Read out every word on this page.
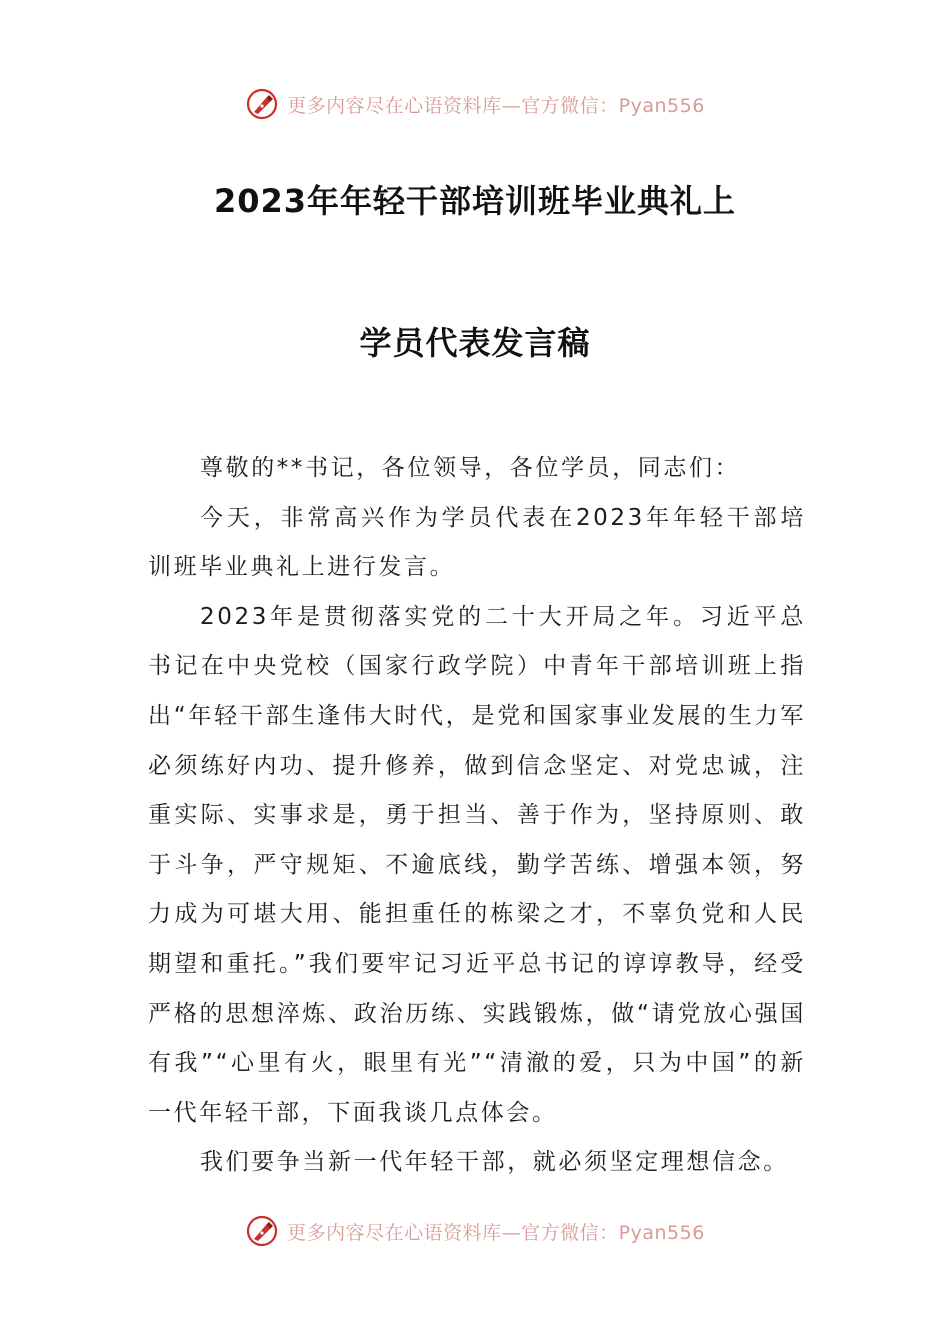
更多内容尽在心语资料库—官方微信：Pyan556
2023年年轻干部培训班毕业典礼上
学员代表发言稿

尊敬的**书记，各位领导，各位学员，同志们：

今天，非常高兴作为学员代表在2023年年轻干部培训班毕业典礼上进行发言。

2023年是贯彻落实党的二十大开局之年。习近平总书记在中央党校（国家行政学院）中青年干部培训班上指出“年轻干部生逢伟大时代，是党和国家事业发展的生力军必须练好内功、提升修养，做到信念坚定、对党忠诚，注重实际、实事求是，勇于担当、善于作为，坚持原则、敢于斗争，严守规矩、不逾底线，勤学苦练、增强本领，努力成为可堪大用、能担重任的栋梁之才，不辜负党和人民期望和重托。”我们要牢记习近平总书记的谆谆教导，经受严格的思想淬炼、政治历练、实践锻炼，做“请党放心强国有我”“心里有火，眼里有光”“清澈的爱，只为中国”的新一代年轻干部，下面我谈几点体会。

我们要争当新一代年轻干部，就必须坚定理想信念。

更多内容尽在心语资料库—官方微信：Pyan556
